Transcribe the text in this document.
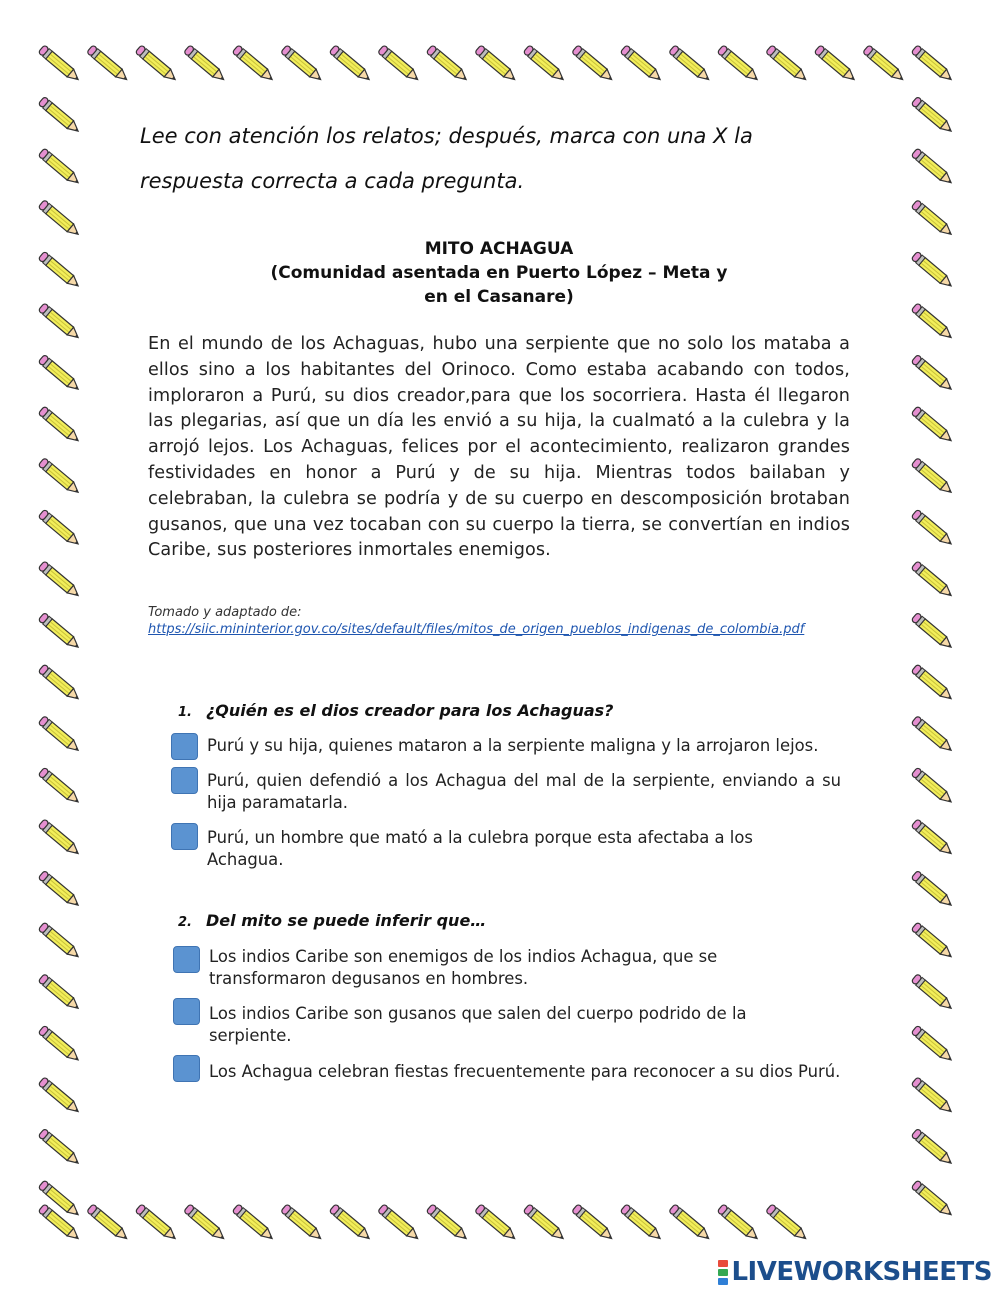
Lee con atención los relatos; después, marca con una X la
respuesta correcta a cada pregunta.
MITO ACHAGUA
(Comunidad asentada en Puerto López – Meta y
en el Casanare)

En el mundo de los Achaguas, hubo una serpiente que no solo los mataba a ellos sino a los habitantes del Orinoco. Como estaba acabando con todos, imploraron a Purú, su dios creador,para que los socorriera. Hasta él llegaron las plegarias, así que un día les envió a su hija, la cualmató a la culebra y la arrojó lejos. Los Achaguas, felices por el acontecimiento, realizaron grandes festividades en honor a Purú y de su hija. Mientras todos bailaban y celebraban, la culebra se podría y de su cuerpo en descomposición brotaban gusanos, que una vez tocaban con su cuerpo la tierra, se convertían en indios Caribe, sus posteriores inmortales enemigos.

Tomado y adaptado de:
https://siic.mininterior.gov.co/sites/default/files/mitos_de_origen_pueblos_indigenas_de_colombia.pdf
1. ¿Quién es el dios creador para los Achaguas?
Purú y su hija, quienes mataron a la serpiente maligna y la arrojaron lejos.
Purú, quien defendió a los Achagua del mal de la serpiente, enviando a su hija paramatarla.
Purú, un hombre que mató a la culebra porque esta afectaba a los Achagua.
2. Del mito se puede inferir que…
Los indios Caribe son enemigos de los indios Achagua, que se transformaron degusanos en hombres.
Los indios Caribe son gusanos que salen del cuerpo podrido de la serpiente.
Los Achagua celebran fiestas frecuentemente para reconocer a su dios Purú.
LIVEWORKSHEETS
